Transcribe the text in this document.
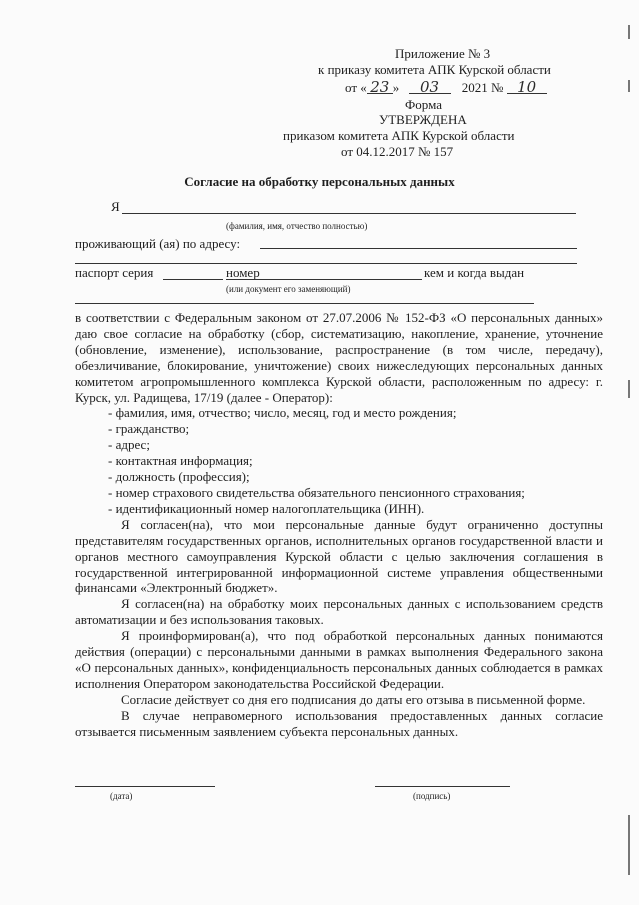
Приложение № 3
к приказу комитета АПК Курской области
от « 23 » 03 2021 № 10
Форма
УТВЕРЖДЕНА
приказом комитета АПК Курской области
от 04.12.2017 № 157
Согласие на обработку персональных данных
Я
(фамилия, имя, отчество полностью)
проживающий (ая) по адресу:
паспорт серия	номер	кем и когда выдан
(или документ его заменяющий)

в соответствии с Федеральным законом от 27.07.2006 № 152-ФЗ «О персональных данных» даю свое согласие на обработку (сбор, систематизацию, накопление, хранение, уточнение (обновление, изменение), использование, распространение (в том числе, передачу), обезличивание, блокирование, уничтожение) своих нижеследующих персональных данных комитетом агропромышленного комплекса Курской области, расположенным по адресу: г. Курск, ул. Радищева, 17/19 (далее - Оператор):

- фамилия, имя, отчество; число, месяц, год и место рождения;
- гражданство;
- адрес;
- контактная информация;
- должность (профессия);
- номер страхового свидетельства обязательного пенсионного страхования;
- идентификационный номер налогоплательщика (ИНН).

Я согласен(на), что мои персональные данные будут ограниченно доступны представителям государственных органов, исполнительных органов государственной власти и органов местного самоуправления Курской области с целью заключения соглашения в государственной интегрированной информационной системе управления общественными финансами «Электронный бюджет».

Я согласен(на) на обработку моих персональных данных с использованием средств автоматизации и без использования таковых.

Я проинформирован(а), что под обработкой персональных данных понимаются действия (операции) с персональными данными в рамках выполнения Федерального закона «О персональных данных», конфиденциальность персональных данных соблюдается в рамках исполнения Оператором законодательства Российской Федерации.

Согласие действует со дня его подписания до даты его отзыва в письменной форме.

В случае неправомерного использования предоставленных данных согласие отзывается письменным заявлением субъекта персональных данных.

(дата)	(подпись)
